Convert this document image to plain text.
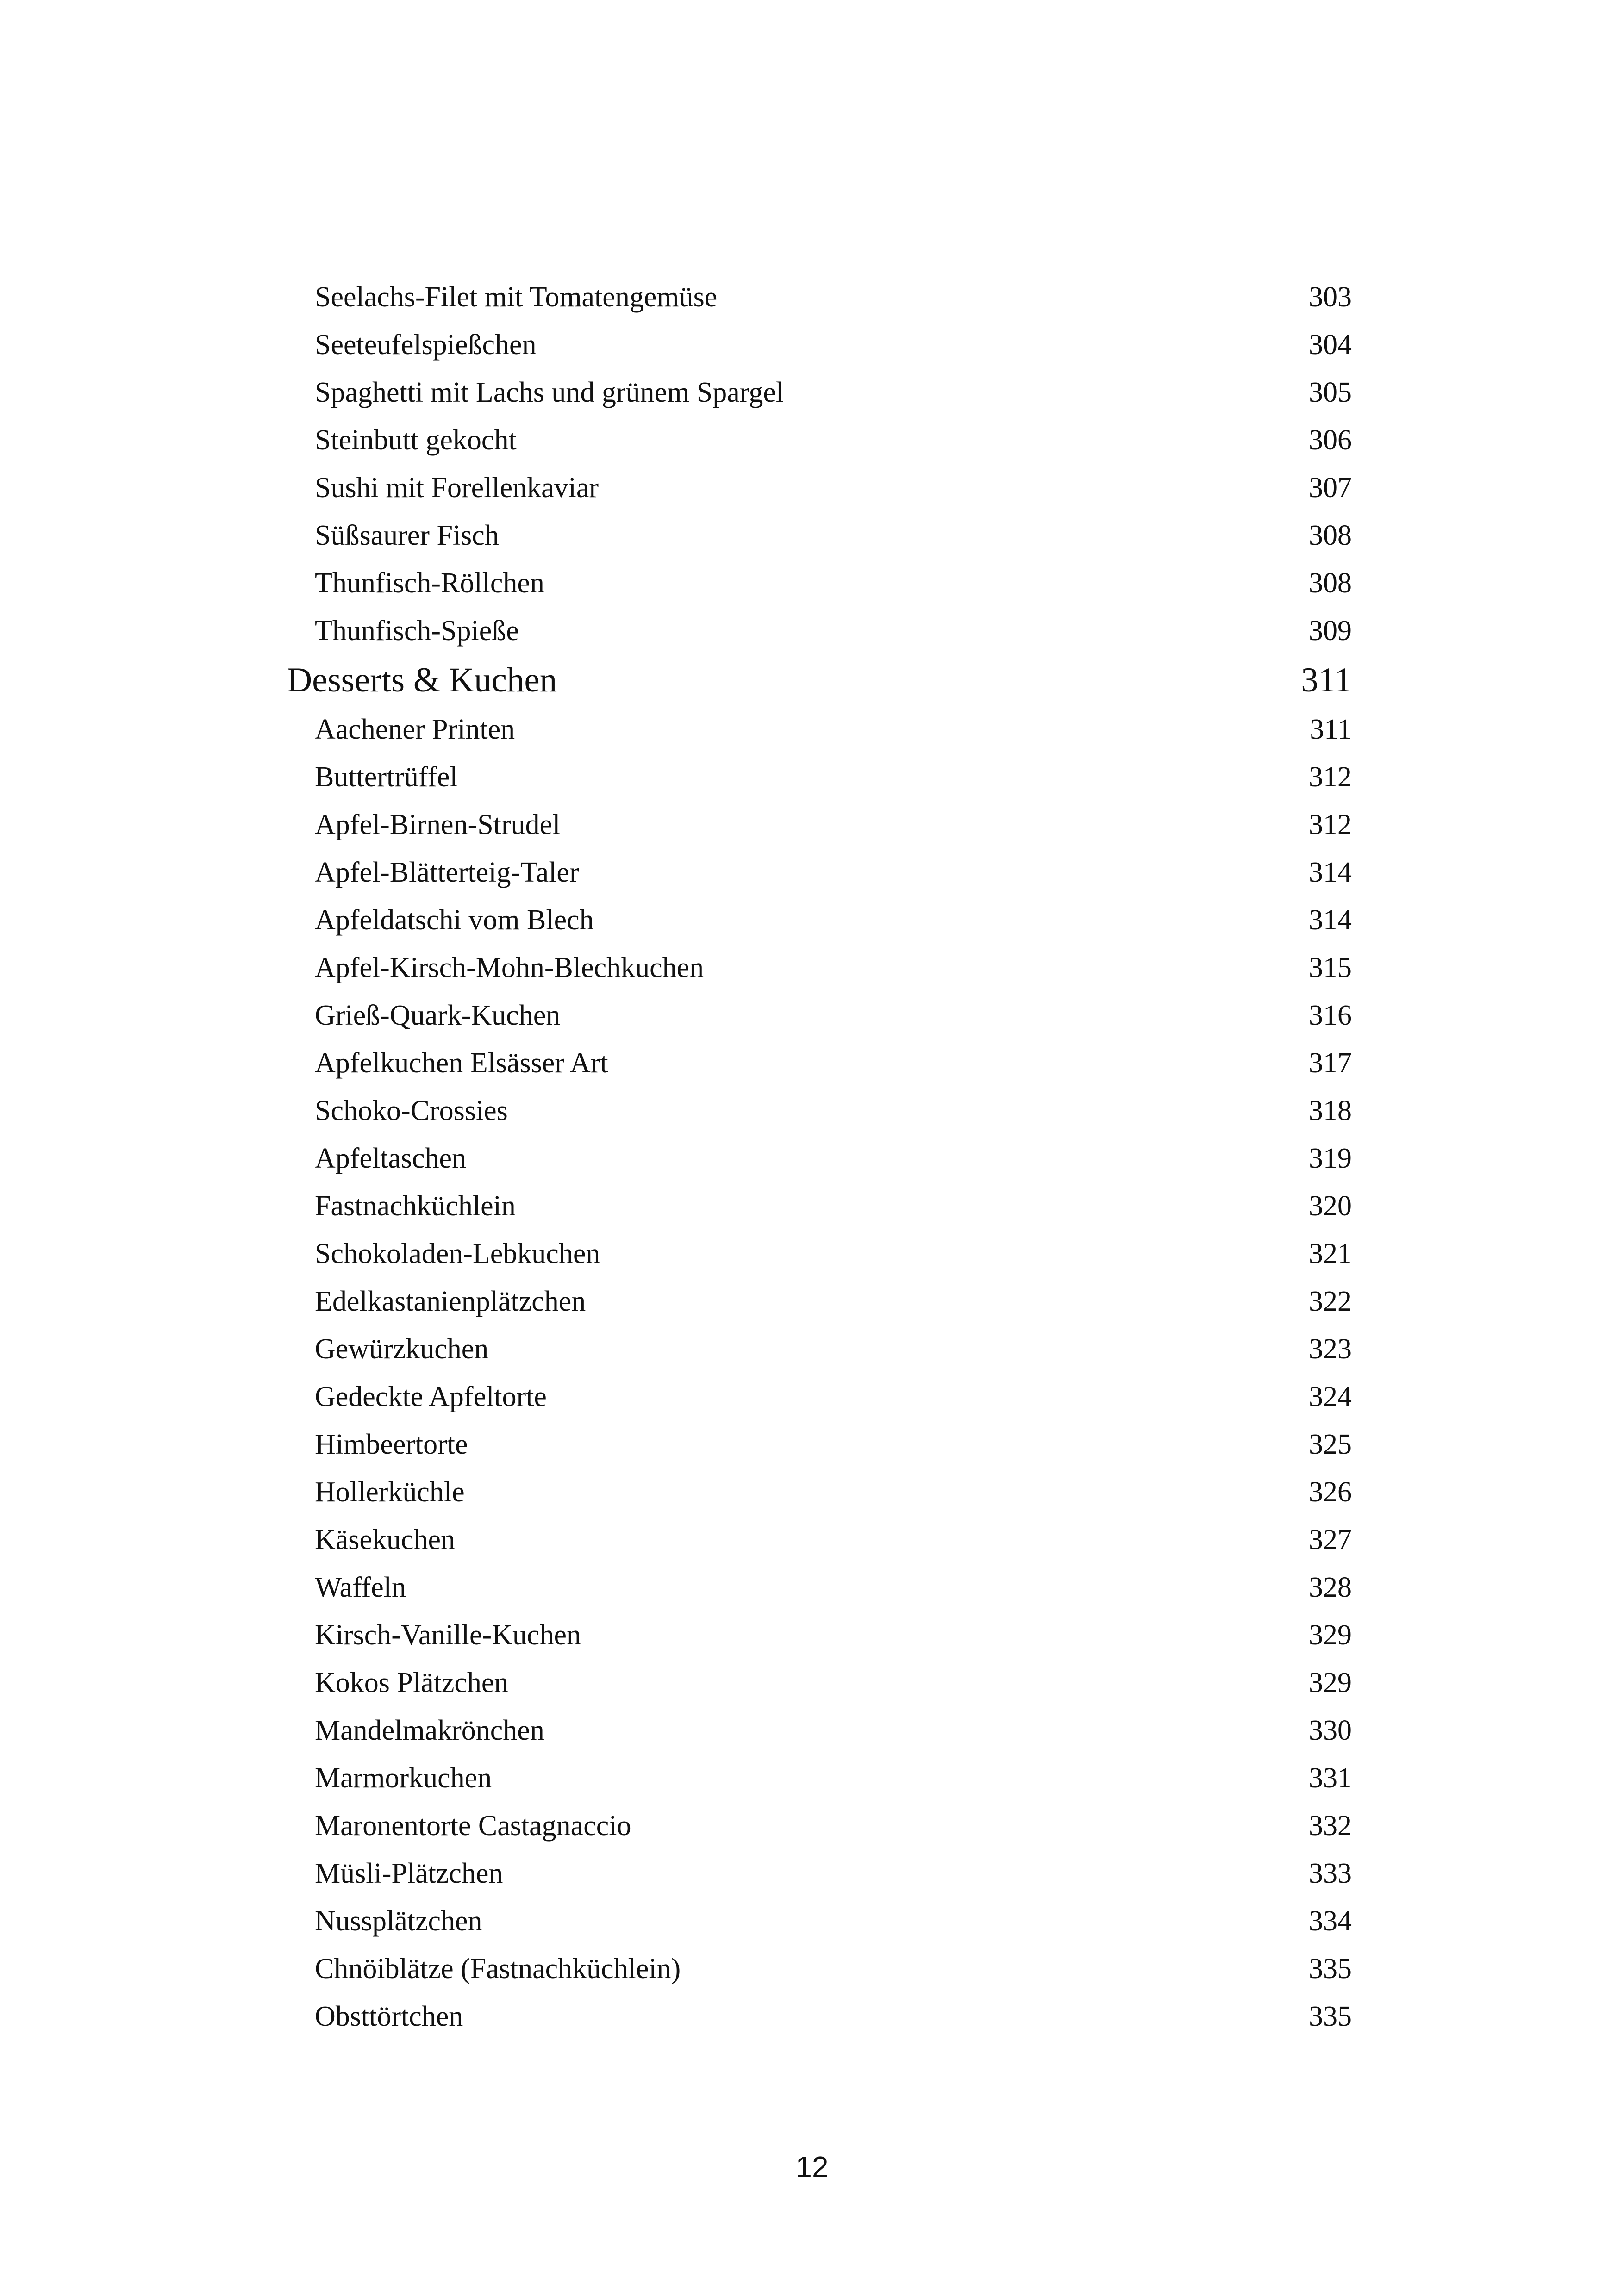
Seelachs-Filet mit Tomatengemüse	303
Seeteufelspießchen	304
Spaghetti mit Lachs und grünem Spargel	305
Steinbutt gekocht	306
Sushi mit Forellenkaviar	307
Süßsaurer Fisch	308
Thunfisch-Röllchen	308
Thunfisch-Spieße	309
Desserts & Kuchen	311
Aachener Printen	311
Buttertrüffel	312
Apfel-Birnen-Strudel	312
Apfel-Blätterteig-Taler	314
Apfeldatschi vom Blech	314
Apfel-Kirsch-Mohn-Blechkuchen	315
Grieß-Quark-Kuchen	316
Apfelkuchen Elsässer Art	317
Schoko-Crossies	318
Apfeltaschen	319
Fastnachküchlein	320
Schokoladen-Lebkuchen	321
Edelkastanienplätzchen	322
Gewürzkuchen	323
Gedeckte Apfeltorte	324
Himbeertorte	325
Hollerküchle	326
Käsekuchen	327
Waffeln	328
Kirsch-Vanille-Kuchen	329
Kokos Plätzchen	329
Mandelmakrönchen	330
Marmorkuchen	331
Maronentorte Castagnaccio	332
Müsli-Plätzchen	333
Nussplätzchen	334
Chnöiblätze (Fastnachküchlein)	335
Obsttörtchen	335
12
